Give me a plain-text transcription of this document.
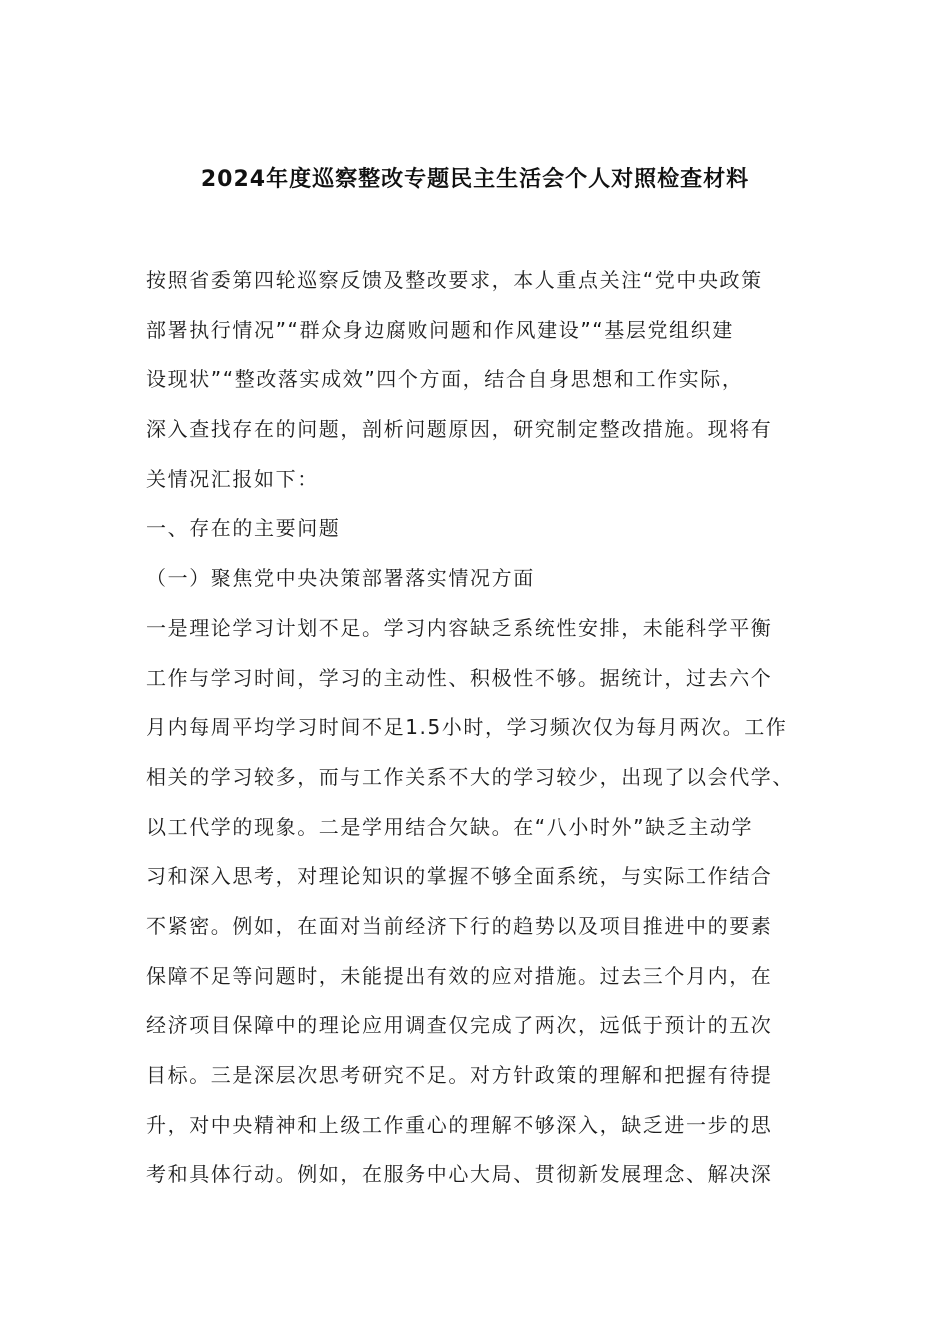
2024年度巡察整改专题民主生活会个人对照检查材料
按照省委第四轮巡察反馈及整改要求，本人重点关注“党中央政策
部署执行情况”“群众身边腐败问题和作风建设”“基层党组织建
设现状”“整改落实成效”四个方面，结合自身思想和工作实际，
深入查找存在的问题，剖析问题原因，研究制定整改措施。现将有
关情况汇报如下：
一、存在的主要问题
（一）聚焦党中央决策部署落实情况方面
一是理论学习计划不足。学习内容缺乏系统性安排，未能科学平衡
工作与学习时间，学习的主动性、积极性不够。据统计，过去六个
月内每周平均学习时间不足1.5小时，学习频次仅为每月两次。工作
相关的学习较多，而与工作关系不大的学习较少，出现了以会代学、
以工代学的现象。二是学用结合欠缺。在“八小时外”缺乏主动学
习和深入思考，对理论知识的掌握不够全面系统，与实际工作结合
不紧密。例如，在面对当前经济下行的趋势以及项目推进中的要素
保障不足等问题时，未能提出有效的应对措施。过去三个月内，在
经济项目保障中的理论应用调查仅完成了两次，远低于预计的五次
目标。三是深层次思考研究不足。对方针政策的理解和把握有待提
升，对中央精神和上级工作重心的理解不够深入，缺乏进一步的思
考和具体行动。例如，在服务中心大局、贯彻新发展理念、解决深
